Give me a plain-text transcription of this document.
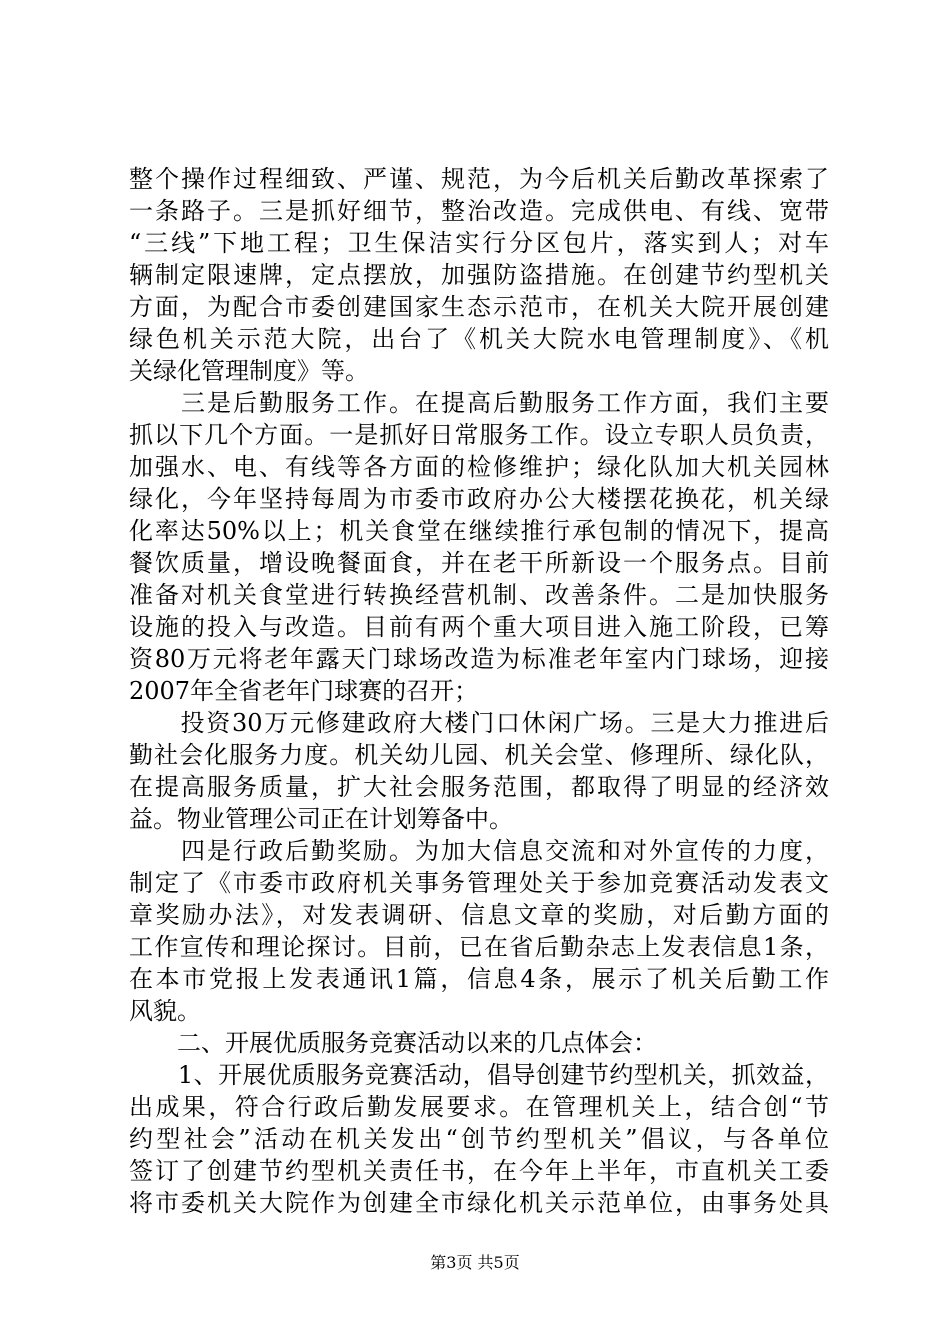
整个操作过程细致、严谨、规范，为今后机关后勤改革探索了
一条路子。三是抓好细节，整治改造。完成供电、有线、宽带
“三线”下地工程；卫生保洁实行分区包片，落实到人；对车
辆制定限速牌，定点摆放，加强防盗措施。在创建节约型机关
方面，为配合市委创建国家生态示范市，在机关大院开展创建
绿色机关示范大院，出台了《机关大院水电管理制度》、《机
关绿化管理制度》等。
　　三是后勤服务工作。在提高后勤服务工作方面，我们主要
抓以下几个方面。一是抓好日常服务工作。设立专职人员负责，
加强水、电、有线等各方面的检修维护；绿化队加大机关园林
绿化，今年坚持每周为市委市政府办公大楼摆花换花，机关绿
化率达50%以上；机关食堂在继续推行承包制的情况下，提高
餐饮质量，增设晚餐面食，并在老干所新设一个服务点。目前
准备对机关食堂进行转换经营机制、改善条件。二是加快服务
设施的投入与改造。目前有两个重大项目进入施工阶段，已筹
资80万元将老年露天门球场改造为标准老年室内门球场，迎接
2007年全省老年门球赛的召开；
　　投资30万元修建政府大楼门口休闲广场。三是大力推进后
勤社会化服务力度。机关幼儿园、机关会堂、修理所、绿化队，
在提高服务质量，扩大社会服务范围，都取得了明显的经济效
益。物业管理公司正在计划筹备中。
　　四是行政后勤奖励。为加大信息交流和对外宣传的力度，
制定了《市委市政府机关事务管理处关于参加竞赛活动发表文
章奖励办法》，对发表调研、信息文章的奖励，对后勤方面的
工作宣传和理论探讨。目前，已在省后勤杂志上发表信息1条，
在本市党报上发表通讯1篇，信息4条，展示了机关后勤工作
风貌。
　　二、开展优质服务竞赛活动以来的几点体会：
　　1、开展优质服务竞赛活动，倡导创建节约型机关，抓效益，
出成果，符合行政后勤发展要求。在管理机关上，结合创“节
约型社会”活动在机关发出“创节约型机关”倡议，与各单位
签订了创建节约型机关责任书，在今年上半年，市直机关工委
将市委机关大院作为创建全市绿化机关示范单位，由事务处具
第3页 共5页
